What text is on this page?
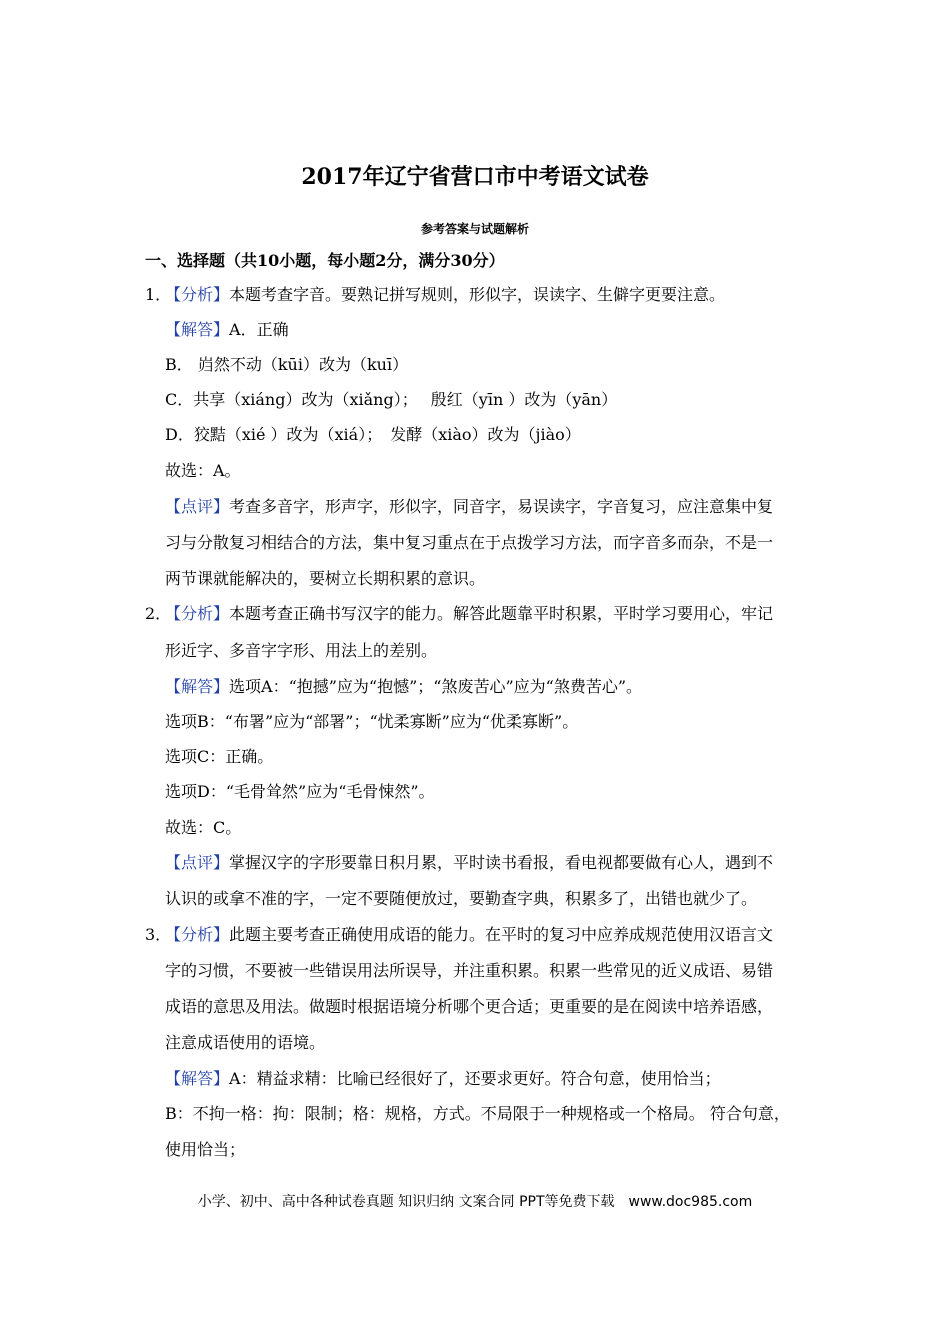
2017年辽宁省营口市中考语文试卷
参考答案与试题解析
一、选择题（共10小题，每小题2分，满分30分）
1．
【分析】本题考查字音。要熟记拼写规则，形似字，误读字、生僻字更要注意。
【解答】A．正确
B． 岿然不动（kūi）改为（kuī）
C．共享（xiáng）改为（xiǎng）；　 殷红（yīn ）改为（yān）
D．狡黠（xié ）改为（xiá）；　发酵（xiào）改为（jiào）
故选：A。
【点评】考查多音字，形声字，形似字，同音字，易误读字，字音复习，应注意集中复
习与分散复习相结合的方法，集中复习重点在于点拨学习方法，而字音多而杂，不是一
两节课就能解决的，要树立长期积累的意识。
2．
【分析】本题考查正确书写汉字的能力。解答此题靠平时积累，平时学习要用心，牢记
形近字、多音字字形、用法上的差别。
【解答】选项A：“抱撼”应为“抱憾”；“煞废苦心”应为“煞费苦心”。
选项B：“布署”应为“部署”；“忧柔寡断”应为“优柔寡断”。
选项C：正确。
选项D：“毛骨耸然”应为“毛骨悚然”。
故选：C。
【点评】掌握汉字的字形要靠日积月累，平时读书看报，看电视都要做有心人，遇到不
认识的或拿不准的字，一定不要随便放过，要勤查字典，积累多了，出错也就少了。
3．
【分析】此题主要考查正确使用成语的能力。在平时的复习中应养成规范使用汉语言文
字的习惯，不要被一些错误用法所误导，并注重积累。积累一些常见的近义成语、易错
成语的意思及用法。做题时根据语境分析哪个更合适；更重要的是在阅读中培养语感，
注意成语使用的语境。
【解答】A：精益求精：比喻已经很好了，还要求更好。符合句意，使用恰当；
B：不拘一格：拘：限制；格：规格，方式。不局限于一种规格或一个格局。 符合句意，
使用恰当；
小学、初中、高中各种试卷真题 知识归纳 文案合同 PPT等免费下载　www.doc985.com
